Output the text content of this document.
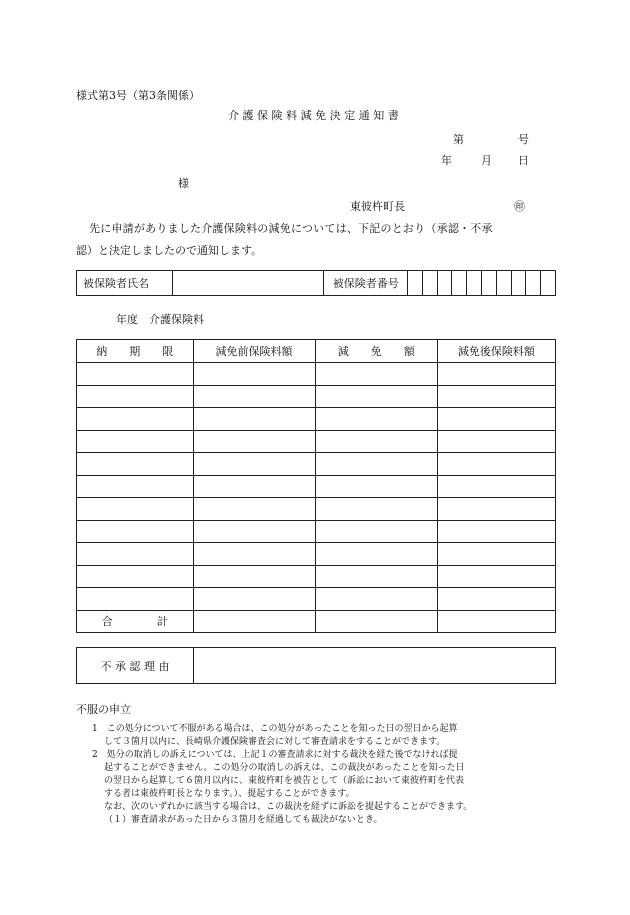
様式第3号（第3条関係）
介護保険料減免決定通知書
第	号
年	月 日
様
東彼杵町長	㊞
先に申請がありました介護保険料の減免については、下記のとおり（承認・不承
認）と決定しましたので通知します。
被保険者氏名		被保険者番号										
年度　介護保険料
納　　期　　限	減免前保険料額	減　　免　　額	減免後保険料額

合　　　　計			
不 承 認 理 由	
不服の申立
1　この処分について不服がある場合は、この処分があったことを知った日の翌日から起算
して３箇月以内に、長崎県介護保険審査会に対して審査請求をすることができます。
2　処分の取消しの訴えについては、上記１の審査請求に対する裁決を経た後でなければ提
起することができません。この処分の取消しの訴えは、この裁決があったことを知った日
の翌日から起算して６箇月以内に、東彼杵町を被告として（訴訟において東彼杵町を代表
する者は東彼杵町長となります。）、提起することができます。
なお、次のいずれかに該当する場合は、この裁決を経ずに訴訟を提起することができます。
（１）審査請求があった日から３箇月を経過しても裁決がないとき。
